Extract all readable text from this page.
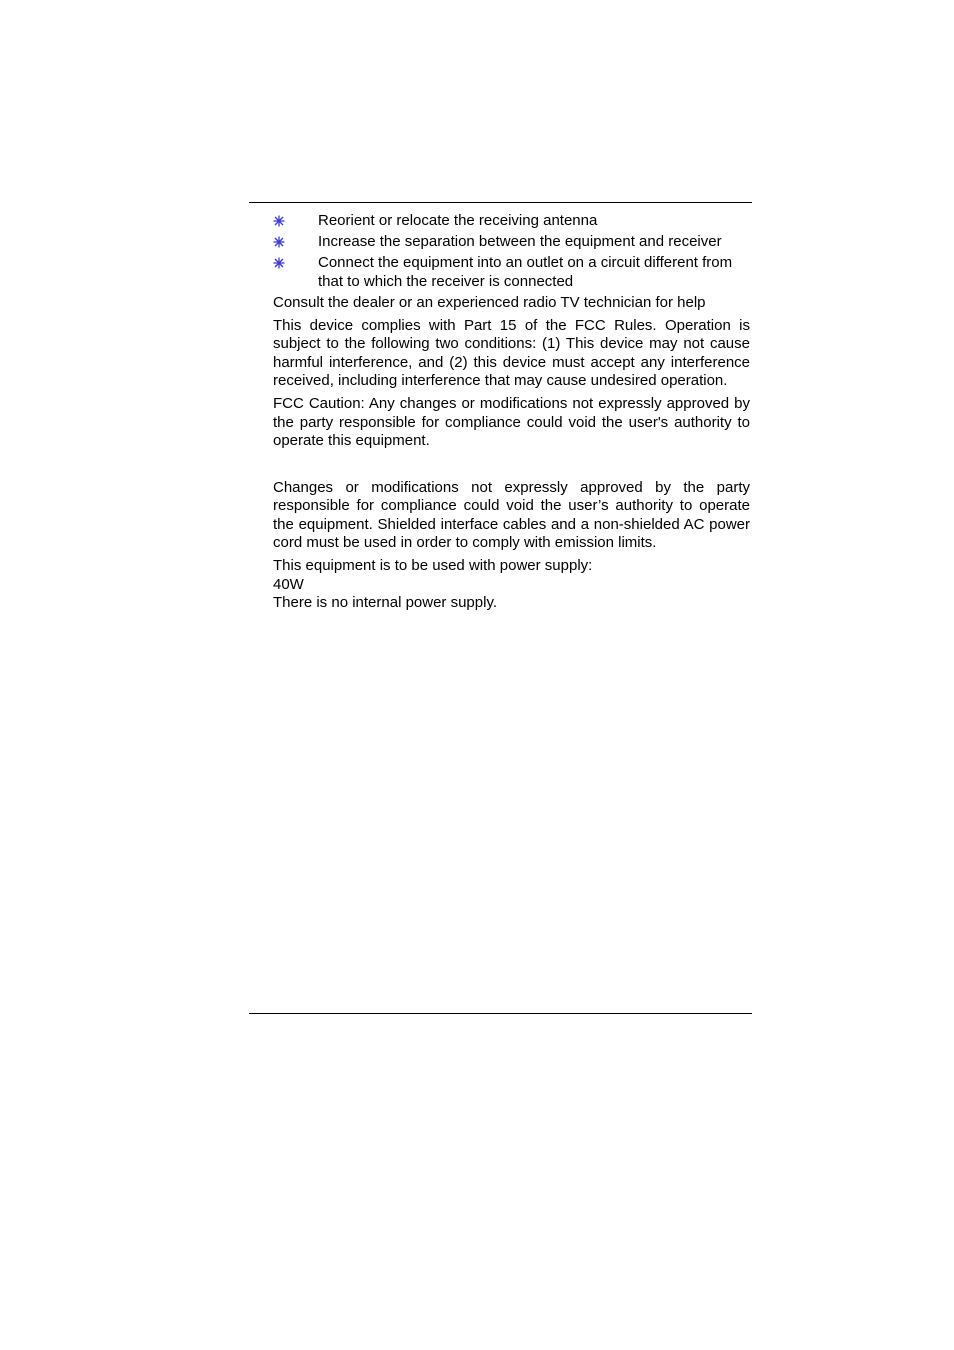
Reorient or relocate the receiving antenna
Increase the separation between the equipment and receiver
Connect the equipment into an outlet on a circuit different from that to which the receiver is connected

Consult the dealer or an experienced radio TV technician for help

This device complies with Part 15 of the FCC Rules. Operation is subject to the following two conditions: (1) This device may not cause harmful interference, and (2) this device must accept any interference received, including interference that may cause undesired operation.

FCC Caution: Any changes or modifications not expressly approved by the party responsible for compliance could void the user's authority to operate this equipment.

Changes or modifications not expressly approved by the party responsible for compliance could void the user’s authority to operate the equipment. Shielded interface cables and a non-shielded AC power cord must be used in order to comply with emission limits.

This equipment is to be used with power supply:

40W

There is no internal power supply.
